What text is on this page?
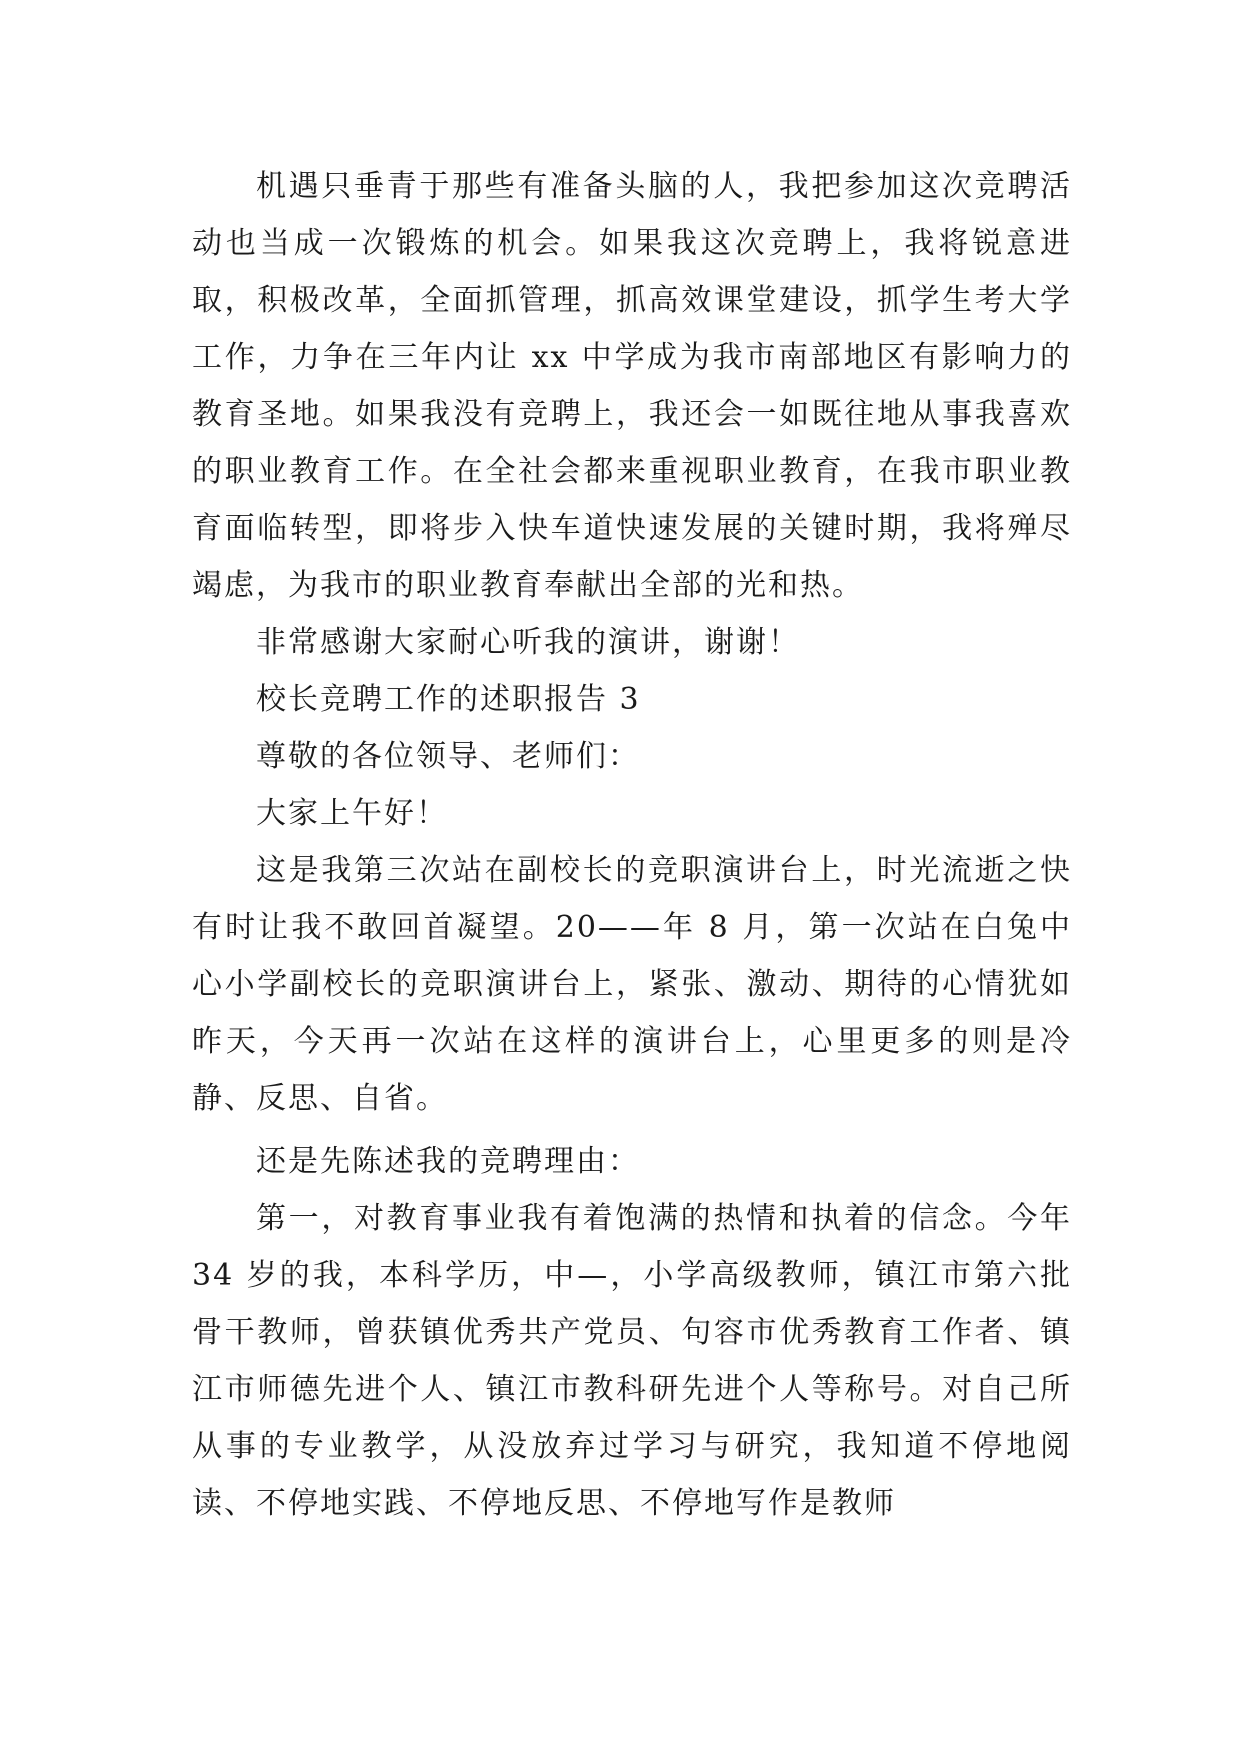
机遇只垂青于那些有准备头脑的人，我把参加这次竞聘活动也当成一次锻炼的机会。如果我这次竞聘上，我将锐意进取，积极改革，全面抓管理，抓高效课堂建设，抓学生考大学工作，力争在三年内让 xx 中学成为我市南部地区有影响力的教育圣地。如果我没有竞聘上，我还会一如既往地从事我喜欢的职业教育工作。在全社会都来重视职业教育，在我市职业教育面临转型，即将步入快车道快速发展的关键时期，我将殚尽竭虑，为我市的职业教育奉献出全部的光和热。

非常感谢大家耐心听我的演讲，谢谢！

校长竞聘工作的述职报告 3

尊敬的各位领导、老师们：

大家上午好！

这是我第三次站在副校长的竞职演讲台上，时光流逝之快有时让我不敢回首凝望。20——年 8 月，第一次站在白兔中心小学副校长的竞职演讲台上，紧张、激动、期待的心情犹如昨天，今天再一次站在这样的演讲台上，心里更多的则是冷静、反思、自省。

还是先陈述我的竞聘理由：

第一，对教育事业我有着饱满的热情和执着的信念。今年 34 岁的我，本科学历，中—，小学高级教师，镇江市第六批骨干教师，曾获镇优秀共产党员、句容市优秀教育工作者、镇江市师德先进个人、镇江市教科研先进个人等称号。对自己所从事的专业教学，从没放弃过学习与研究，我知道不停地阅读、不停地实践、不停地反思、不停地写作是教师
